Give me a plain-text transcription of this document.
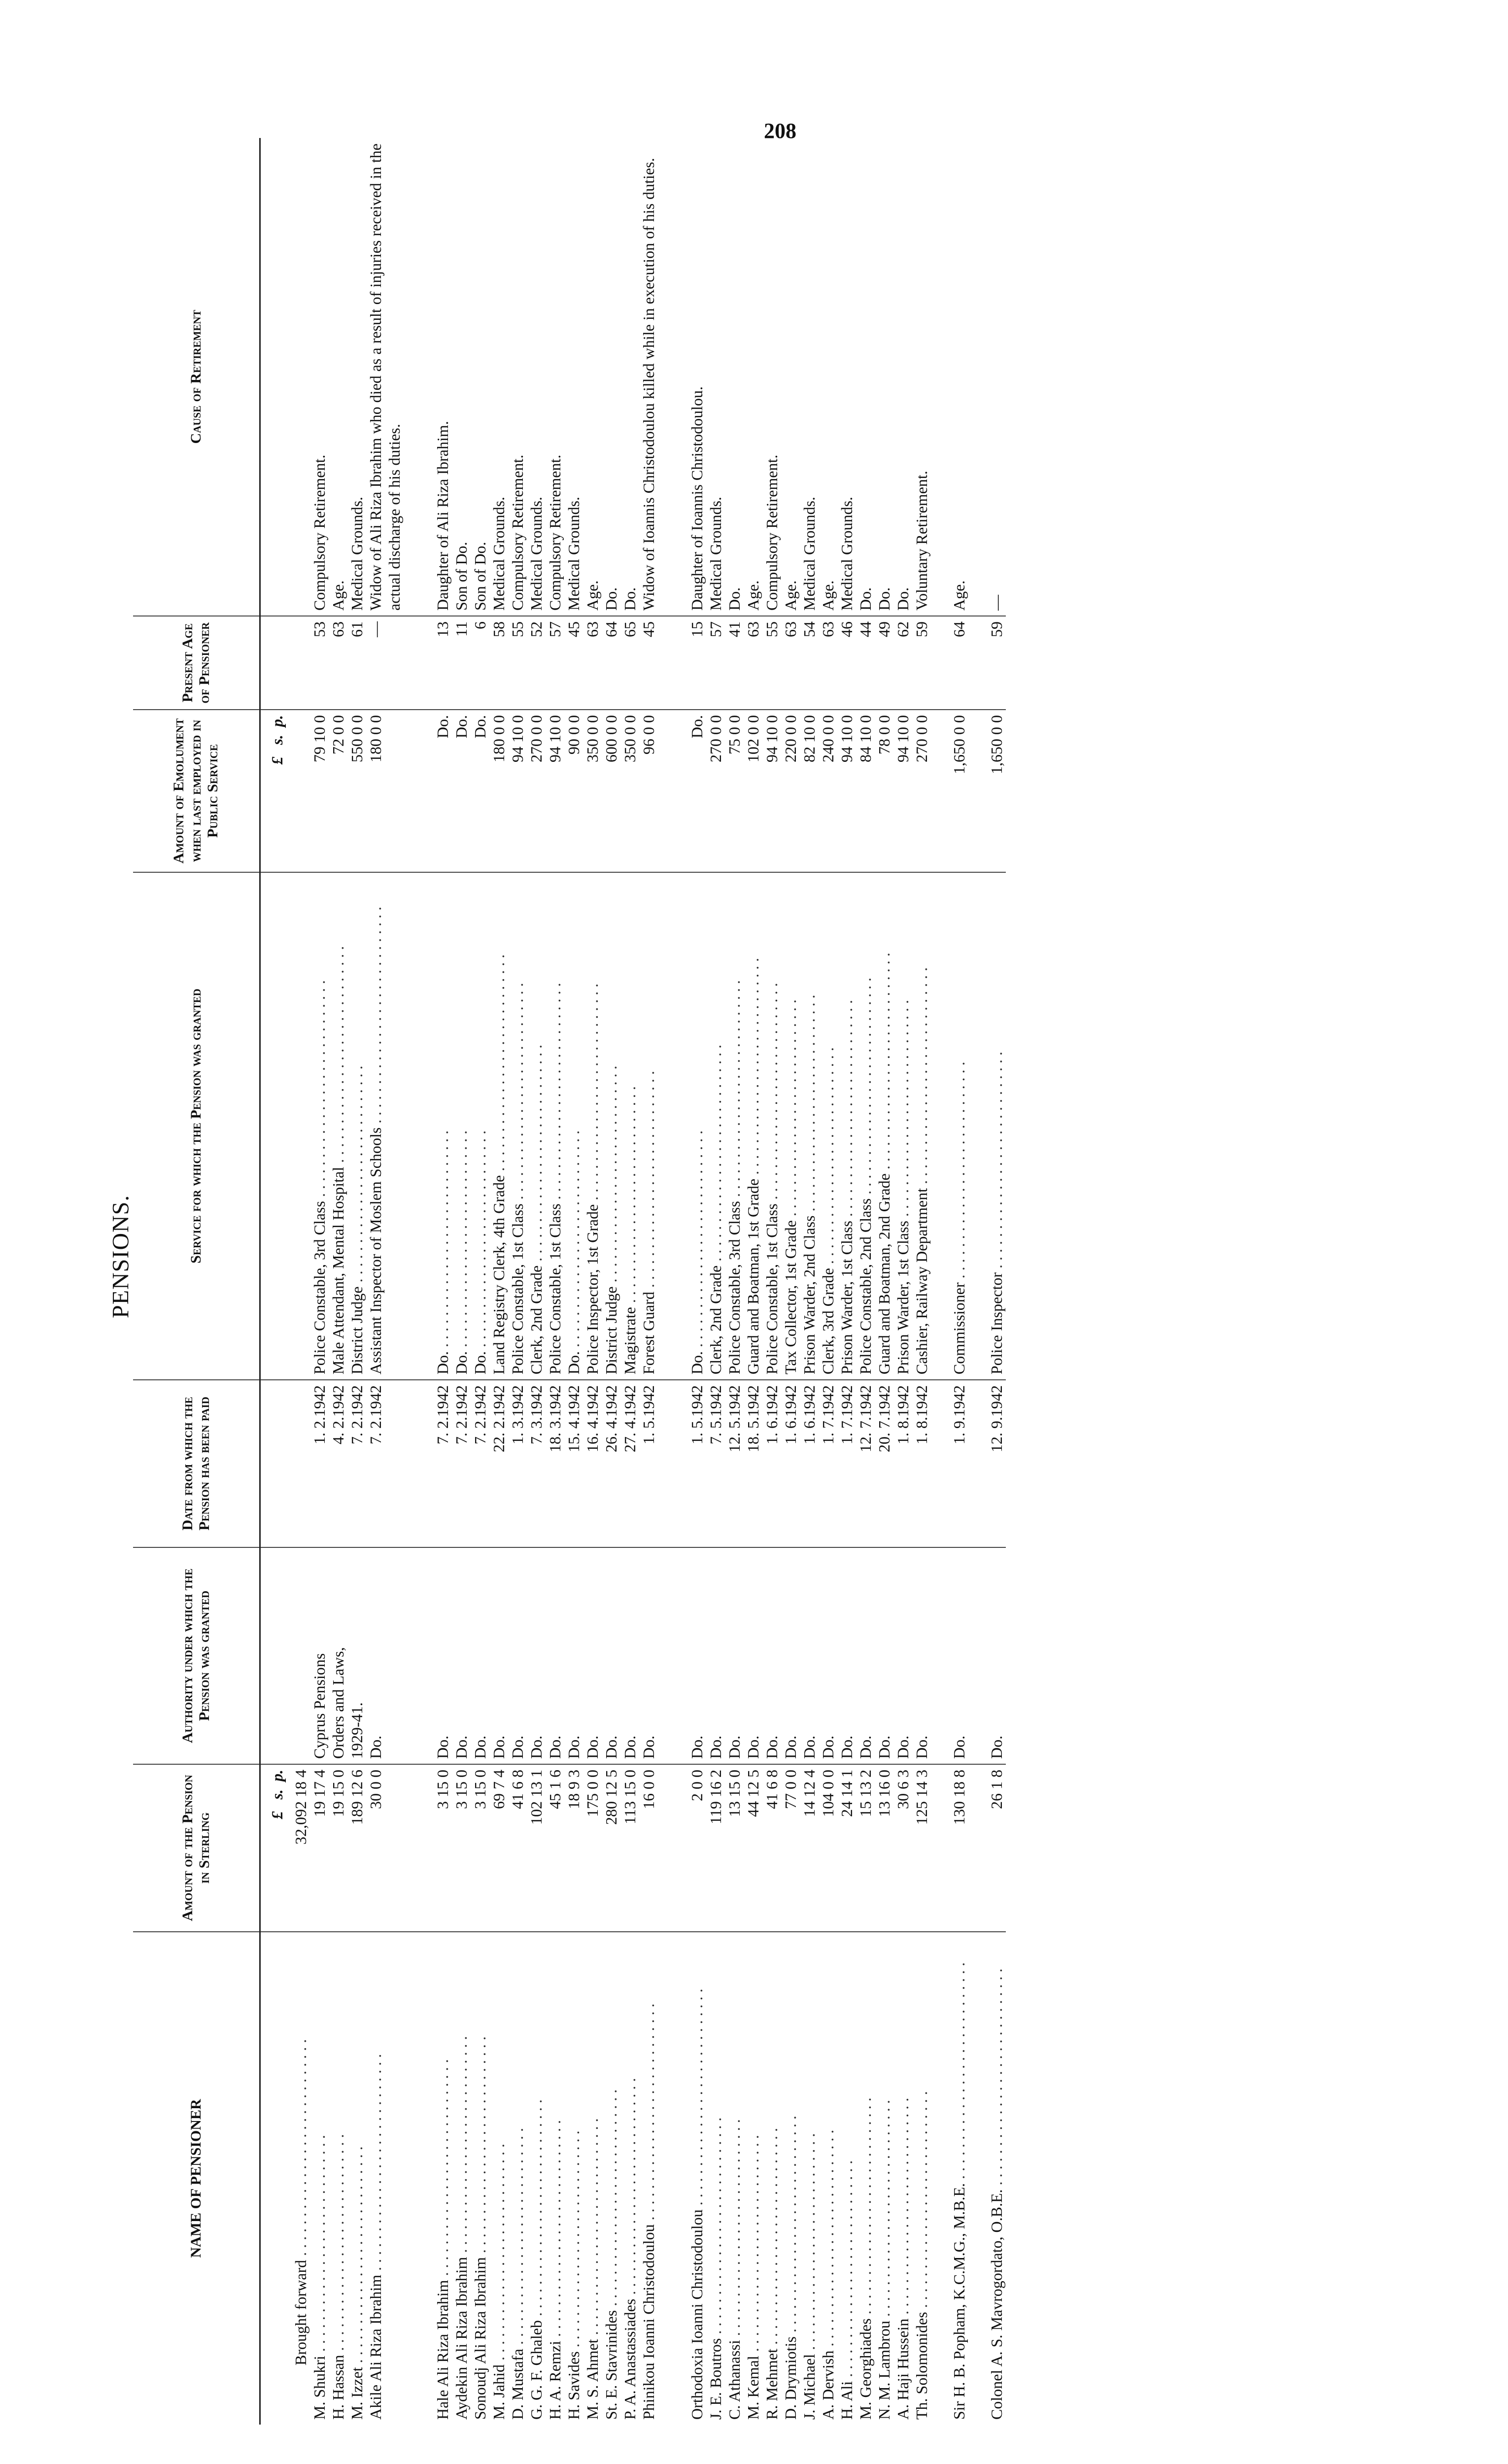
208
PENSIONS.
NAME OF PENSIONER	Amount of the Pension in Sterling	Authority under which the Pension was granted	Date from which the Pension has been paid	Service for which the Pension was granted	Amount of Emolument when last employed in Public Service	Present Age of Pensioner	Cause of Retirement
	£   s.  p.				£   s.  p.		
Brought forward . . .	32,092 18 4						
M. Shukri . . .	19 17 4	Cyprus Pensions	1. 2.1942	Police Constable, 3rd Class . . .	79 10 0	53	Compulsory Retirement.
H. Hassan . . .	19 15 0	Orders and Laws,	4. 2.1942	Male Attendant, Mental Hospital . . .	72 0 0	63	Age.
M. Izzet . . .	189 12 6	1929-41.	7. 2.1942	District Judge . . .	550 0 0	61	Medical Grounds.
Akile Ali Riza Ibrahim . . .	30 0 0	Do.	7. 2.1942	Assistant Inspector of Moslem Schools . . .	180 0 0	—	Widow of Ali Riza Ibrahim who died as a result of injuries received in the actual discharge of his duties.

Hale Ali Riza Ibrahim . . .	3 15 0	Do.	7. 2.1942	Do. . . .	Do.	13	Daughter of Ali Riza Ibrahim.
Aydekin Ali Riza Ibrahim . . .	3 15 0	Do.	7. 2.1942	Do. . . .	Do.	11	Son of Do.
Sonoudj Ali Riza Ibrahim . . .	3 15 0	Do.	7. 2.1942	Do. . . .	Do.	6	Son of Do.
M. Jahid . . .	69 7 4	Do.	22. 2.1942	Land Registry Clerk, 4th Grade . . .	180 0 0	58	Medical Grounds.
D. Mustafa . . .	41 6 8	Do.	1. 3.1942	Police Constable, 1st Class . . .	94 10 0	55	Compulsory Retirement.
G. G. F. Ghaleb . . .	102 13 1	Do.	7. 3.1942	Clerk, 2nd Grade . . .	270 0 0	52	Medical Grounds.
H. A. Remzi . . .	45 1 6	Do.	18. 3.1942	Police Constable, 1st Class . . .	94 10 0	57	Compulsory Retirement.
H. Savides . . .	18 9 3	Do.	15. 4.1942	Do. . . .	90 0 0	45	Medical Grounds.
M. S. Ahmet . . .	175 0 0	Do.	16. 4.1942	Police Inspector, 1st Grade . . .	350 0 0	63	Age.
St. E. Stavrinides . . .	280 12 5	Do.	26. 4.1942	District Judge . . .	600 0 0	64	Do.
P. A. Anastassiades . . .	113 15 0	Do.	27. 4.1942	Magistrate . . .	350 0 0	65	Do.
Phinikou Ioanni Christodoulou . . .	16 0 0	Do.	1. 5.1942	Forest Guard . . .	96 0 0	45	Widow of Ioannis Christodoulou killed while in execution of his duties.

Orthodoxia Ioanni Christodoulou . . .	2 0 0	Do.	1. 5.1942	Do. . . .	Do.	15	Daughter of Ioannis Christodoulou.
J. E. Boutros . . .	119 16 2	Do.	7. 5.1942	Clerk, 2nd Grade . . .	270 0 0	57	Medical Grounds.
C. Athanassi . . .	13 15 0	Do.	12. 5.1942	Police Constable, 3rd Class . . .	75 0 0	41	Do.
M. Kemal . . .	44 12 5	Do.	18. 5.1942	Guard and Boatman, 1st Grade . . .	102 0 0	63	Age.
R. Mehmet . . .	41 6 8	Do.	1. 6.1942	Police Constable, 1st Class . . .	94 10 0	55	Compulsory Retirement.
D. Drymiotis . . .	77 0 0	Do.	1. 6.1942	Tax Collector, 1st Grade . . .	220 0 0	63	Age.
J. Michael . . .	14 12 4	Do.	1. 6.1942	Prison Warder, 2nd Class . . .	82 10 0	54	Medical Grounds.
A. Dervish . . .	104 0 0	Do.	1. 7.1942	Clerk, 3rd Grade . . .	240 0 0	63	Age.
H. Ali . . .	24 14 1	Do.	1. 7.1942	Prison Warder, 1st Class . . .	94 10 0	46	Medical Grounds.
M. Georghiades . . .	15 13 2	Do.	12. 7.1942	Police Constable, 2nd Class . . .	84 10 0	44	Do.
N. M. Lambrou . . .	13 16 0	Do.	20. 7.1942	Guard and Boatman, 2nd Grade . . .	78 0 0	49	Do.
A. Haji Hussein . . .	30 6 3	Do.	1. 8.1942	Prison Warder, 1st Class . . .	94 10 0	62	Do.
Th. Solomonides . . .	125 14 3	Do.	1. 8.1942	Cashier, Railway Department . . .	270 0 0	59	Voluntary Retirement.

Sir H. B. Popham, K.C.M.G., M.B.E. . . .	130 18 8	Do.	1. 9.1942	Commissioner . . .	1,650 0 0	64	Age.

Colonel A. S. Mavrogordato, O.B.E. . . .	26 1 8	Do.	12. 9.1942	Police Inspector . . .	1,650 0 0	59	—
